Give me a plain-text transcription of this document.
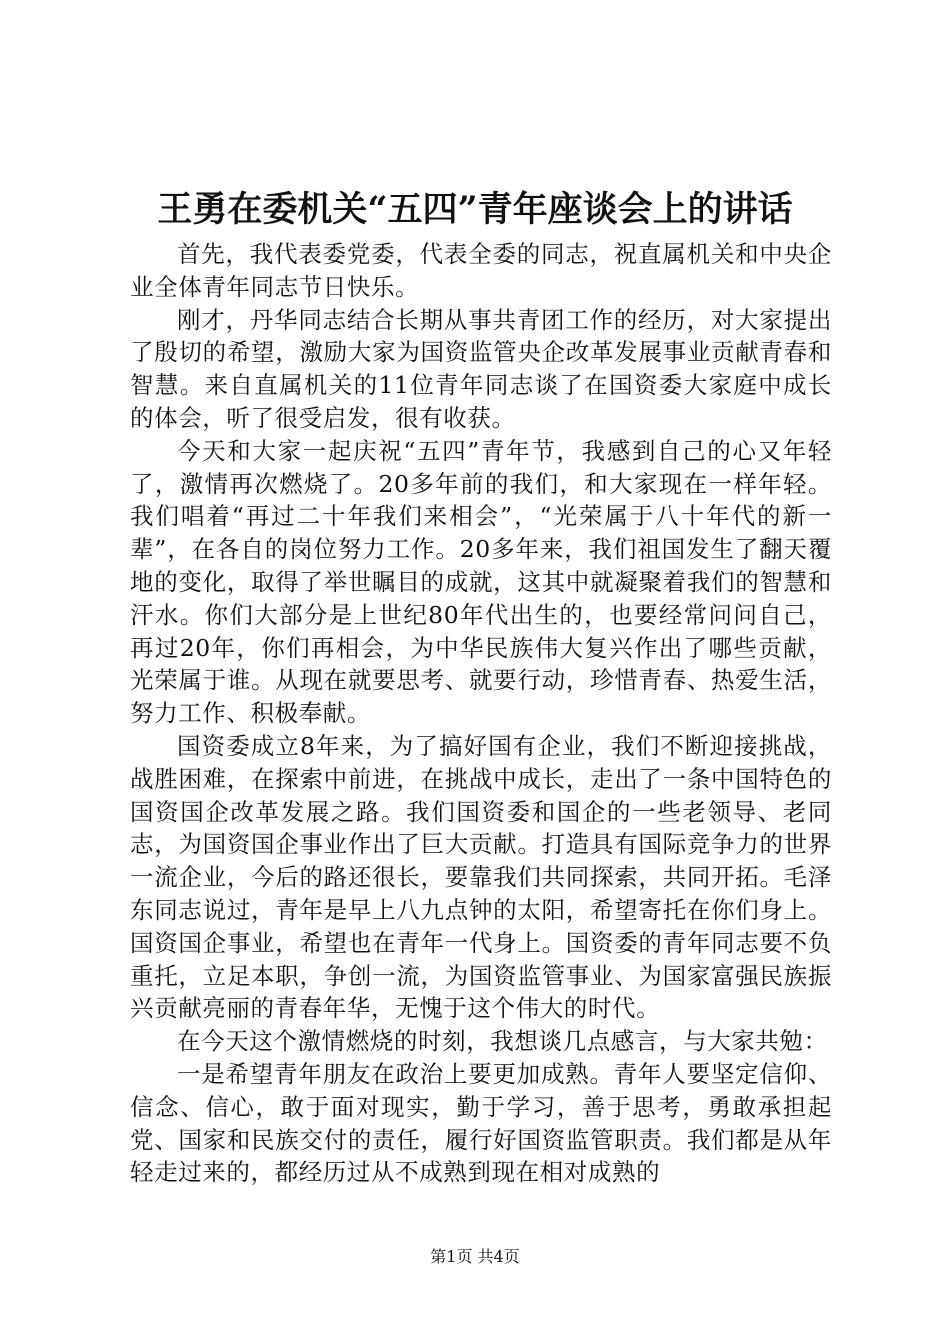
王勇在委机关“五四”青年座谈会上的讲话

首先，我代表委党委，代表全委的同志，祝直属机关和中央企业全体青年同志节日快乐。

刚才，丹华同志结合长期从事共青团工作的经历，对大家提出了殷切的希望，激励大家为国资监管央企改革发展事业贡献青春和智慧。来自直属机关的11位青年同志谈了在国资委大家庭中成长的体会，听了很受启发，很有收获。

今天和大家一起庆祝“五四”青年节，我感到自己的心又年轻了，激情再次燃烧了。20多年前的我们，和大家现在一样年轻。我们唱着“再过二十年我们来相会”，“光荣属于八十年代的新一辈”，在各自的岗位努力工作。20多年来，我们祖国发生了翻天覆地的变化，取得了举世瞩目的成就，这其中就凝聚着我们的智慧和汗水。你们大部分是上世纪80年代出生的，也要经常问问自己，再过20年，你们再相会，为中华民族伟大复兴作出了哪些贡献，光荣属于谁。从现在就要思考、就要行动，珍惜青春、热爱生活，努力工作、积极奉献。

国资委成立8年来，为了搞好国有企业，我们不断迎接挑战，战胜困难，在探索中前进，在挑战中成长，走出了一条中国特色的国资国企改革发展之路。我们国资委和国企的一些老领导、老同志，为国资国企事业作出了巨大贡献。打造具有国际竞争力的世界一流企业，今后的路还很长，要靠我们共同探索，共同开拓。毛泽东同志说过，青年是早上八九点钟的太阳，希望寄托在你们身上。国资国企事业，希望也在青年一代身上。国资委的青年同志要不负重托，立足本职，争创一流，为国资监管事业、为国家富强民族振兴贡献亮丽的青春年华，无愧于这个伟大的时代。

在今天这个激情燃烧的时刻，我想谈几点感言，与大家共勉：

一是希望青年朋友在政治上要更加成熟。青年人要坚定信仰、信念、信心，敢于面对现实，勤于学习，善于思考，勇敢承担起党、国家和民族交付的责任，履行好国资监管职责。我们都是从年轻走过来的，都经历过从不成熟到现在相对成熟的

第1页 共4页
